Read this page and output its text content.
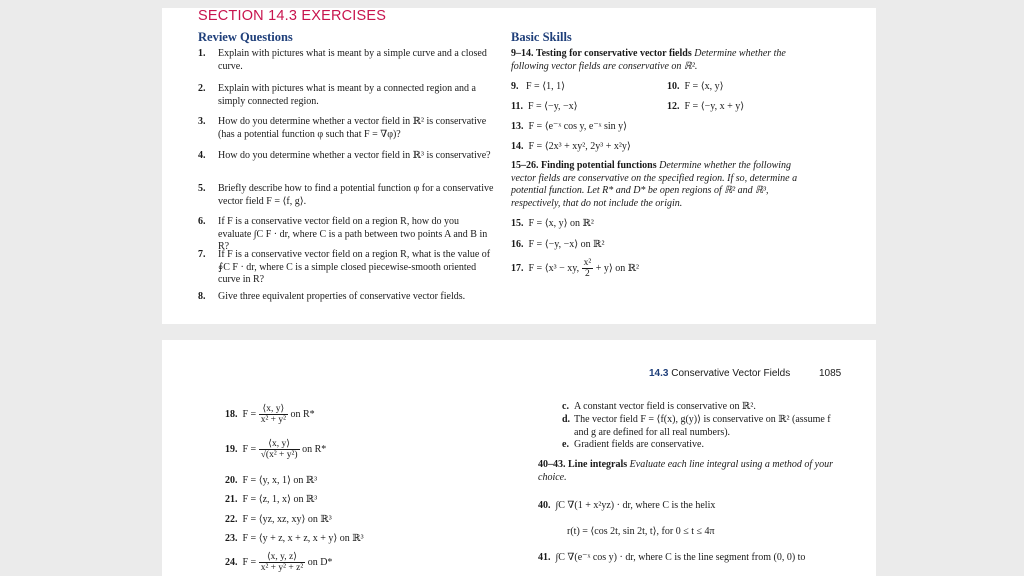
SECTION 14.3 EXERCISES
Review Questions
1. Explain with pictures what is meant by a simple curve and a closed curve.
2. Explain with pictures what is meant by a connected region and a simply connected region.
3. How do you determine whether a vector field in ℝ² is conservative (has a potential function φ such that F = ∇φ)?
4. How do you determine whether a vector field in ℝ³ is conservative?
5. Briefly describe how to find a potential function φ for a conservative vector field F = ⟨f, g⟩.
6. If F is a conservative vector field on a region R, how do you evaluate ∫C F · dr, where C is a path between two points A and B in R?
7. If F is a conservative vector field on a region R, what is the value of ∮C F · dr, where C is a simple closed piecewise-smooth oriented curve in R?
8. Give three equivalent properties of conservative vector fields.
Basic Skills
9–14. Testing for conservative vector fields Determine whether the following vector fields are conservative on ℝ².
9. F = ⟨1, 1⟩	10. F = ⟨x, y⟩
11. F = ⟨−y, −x⟩	12. F = ⟨−y, x + y⟩
13. F = ⟨e⁻ˣ cos y, e⁻ˣ sin y⟩
14. F = ⟨2x³ + xy², 2y³ + x²y⟩
15–26. Finding potential functions Determine whether the following vector fields are conservative on the specified region. If so, determine a potential function. Let R* and D* be open regions of ℝ² and ℝ³, respectively, that do not include the origin.
15. F = ⟨x, y⟩ on ℝ²
16. F = ⟨−y, −x⟩ on ℝ²
17. F = ⟨x³ − xy, $\frac{\text{x²}}{2}$ + y⟩ on ℝ²
14.3 Conservative Vector Fields	1085
18.  $F = \frac{⟨x, y⟩}{\text{x² + y²}}$ on R*
19.  $F = \frac{⟨x, y⟩}{\text{√(x² + y²)}}$ on R*
20. F = ⟨y, x, 1⟩ on ℝ³
21. F = ⟨z, 1, x⟩ on ℝ³
22. F = ⟨yz, xz, xy⟩ on ℝ³
23. F = ⟨y + z, x + z, x + y⟩ on ℝ³
24.  $F = \frac{⟨x, y, z⟩}{\text{x² + y² + z²}}$ on D*
c. A constant vector field is conservative on ℝ².
d. The vector field F = ⟨f(x), g(y)⟩ is conservative on ℝ² (assume f and g are defined for all real numbers).
e. Gradient fields are conservative.
40–43. Line integrals Evaluate each line integral using a method of your choice.
40. ∫C ∇(1 + x²yz) · dr, where C is the helix
r(t) = ⟨cos 2t, sin 2t, t⟩, for 0 ≤ t ≤ 4π
41. ∫C ∇(e⁻ˣ cos y) · dr, where C is the line segment from (0, 0) to
